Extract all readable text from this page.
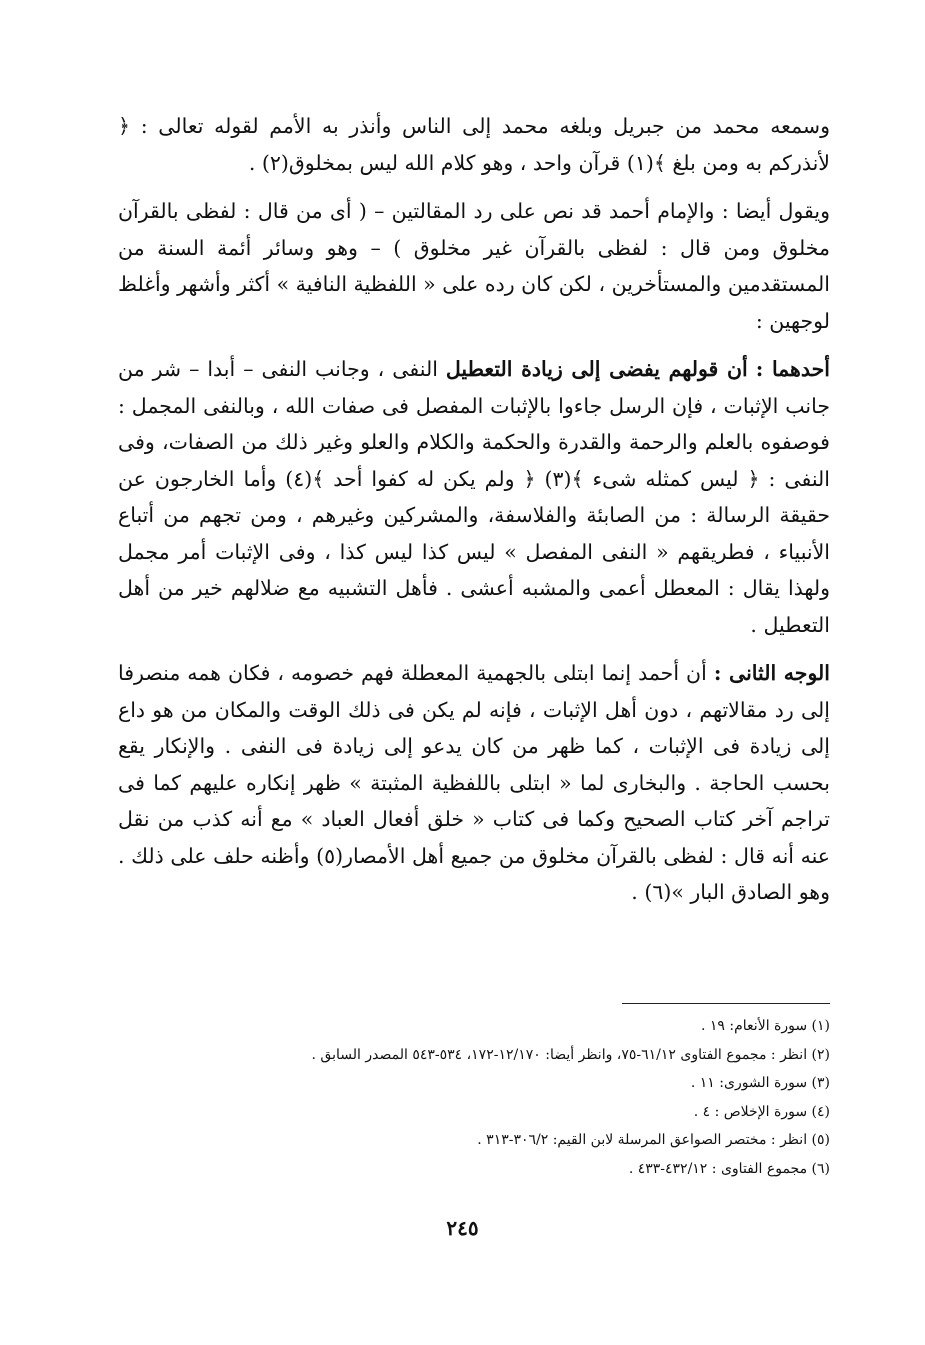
وسمعه محمد من جبريل وبلغه محمد إلى الناس وأنذر به الأمم لقوله تعالى : ﴿ لأنذركم به ومن بلغ ﴾(١) قرآن واحد ، وهو كلام الله ليس بمخلوق(٢) .

ويقول أيضا : والإمام أحمد قد نص على رد المقالتين – ( أى من قال : لفظى بالقرآن مخلوق ومن قال : لفظى بالقرآن غير مخلوق ) – وهو وسائر أئمة السنة من المستقدمين والمستأخرين ، لكن كان رده على « اللفظية النافية » أكثر وأشهر وأغلظ لوجهين :

أحدهما : أن قولهم يفضى إلى زيادة التعطيل النفى ، وجانب النفى – أبدا – شر من جانب الإثبات ، فإن الرسل جاءوا بالإثبات المفصل فى صفات الله ، وبالنفى المجمل : فوصفوه بالعلم والرحمة والقدرة والحكمة والكلام والعلو وغير ذلك من الصفات، وفى النفى : ﴿ ليس كمثله شىء ﴾(٣) ﴿ ولم يكن له كفوا أحد ﴾(٤) وأما الخارجون عن حقيقة الرسالة : من الصابئة والفلاسفة، والمشركين وغيرهم ، ومن تجهم من أتباع الأنبياء ، فطريقهم « النفى المفصل » ليس كذا ليس كذا ، وفى الإثبات أمر مجمل ولهذا يقال : المعطل أعمى والمشبه أعشى . فأهل التشبيه مع ضلالهم خير من أهل التعطيل .

الوجه الثانى : أن أحمد إنما ابتلى بالجهمية المعطلة فهم خصومه ، فكان همه منصرفا إلى رد مقالاتهم ، دون أهل الإثبات ، فإنه لم يكن فى ذلك الوقت والمكان من هو داع إلى زيادة فى الإثبات ، كما ظهر من كان يدعو إلى زيادة فى النفى . والإنكار يقع بحسب الحاجة . والبخارى لما « ابتلى باللفظية المثبتة » ظهر إنكاره عليهم كما فى تراجم آخر كتاب الصحيح وكما فى كتاب « خلق أفعال العباد » مع أنه كذب من نقل عنه أنه قال : لفظى بالقرآن مخلوق من جميع أهل الأمصار(٥) وأظنه حلف على ذلك . وهو الصادق البار »(٦) .

(١) سورة الأنعام: ١٩ .
(٢) انظر : مجموع الفتاوى ٦١/١٢-٧٥، وانظر أيضا: ١٢/١٧٠-١٧٢، ٥٣٤-٥٤٣ المصدر السابق .
(٣) سورة الشورى: ١١ .
(٤) سورة الإخلاص : ٤ .
(٥) انظر : مختصر الصواعق المرسلة لابن القيم: ٣٠٦/٢-٣١٣ .
(٦) مجموع الفتاوى : ٤٣٢/١٢-٤٣٣ .
٢٤٥
